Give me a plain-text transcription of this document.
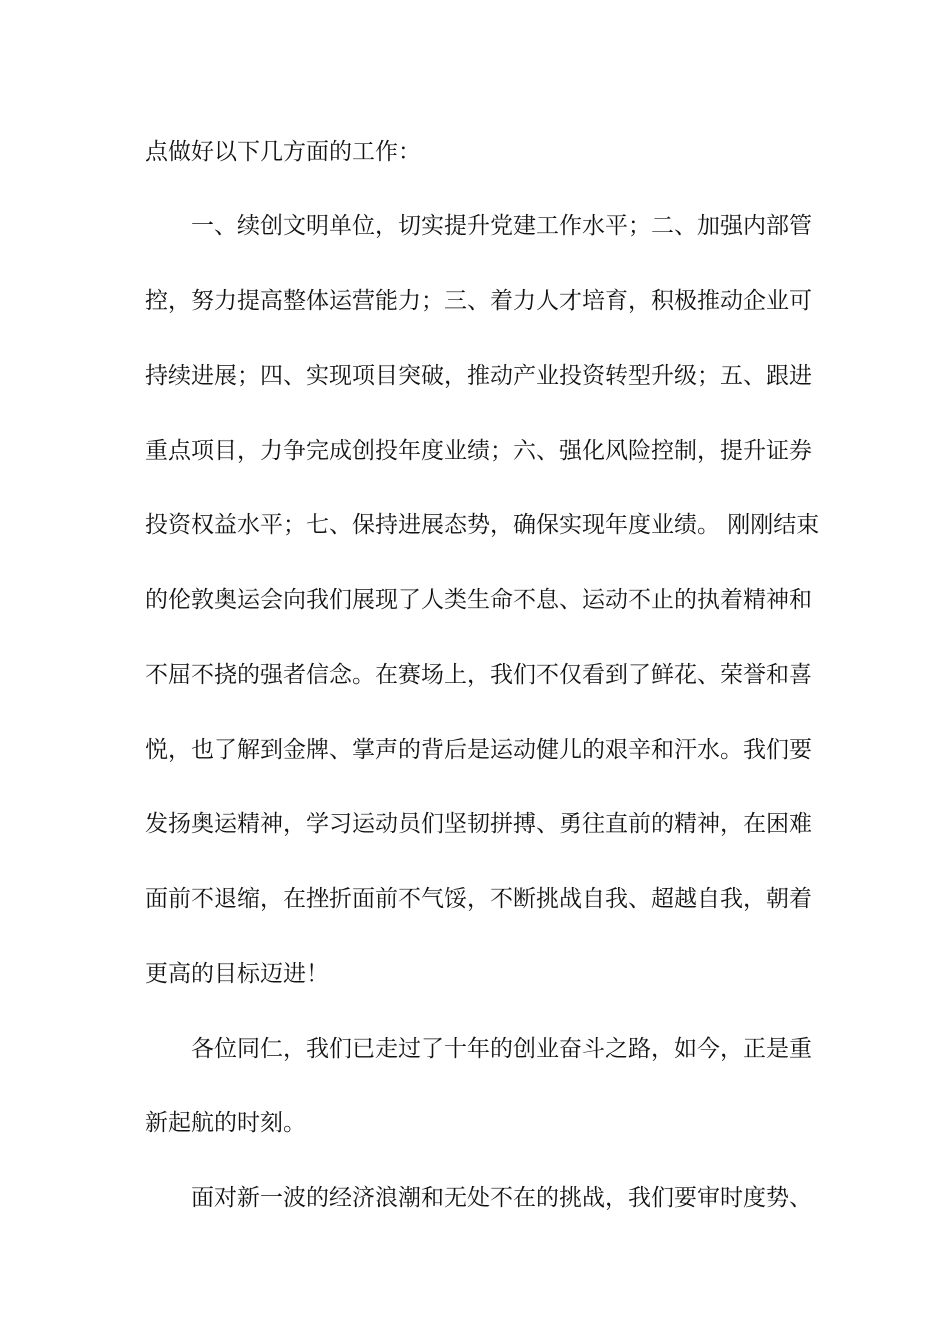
点做好以下几方面的工作：
一、续创文明单位，切实提升党建工作水平；二、加强内部管
控，努力提高整体运营能力；三、着力人才培育，积极推动企业可
持续进展；四、实现项目突破，推动产业投资转型升级；五、跟进
重点项目，力争完成创投年度业绩；六、强化风险控制，提升证券
投资权益水平；七、保持进展态势，确保实现年度业绩。 刚刚结束
的伦敦奥运会向我们展现了人类生命不息、运动不止的执着精神和
不屈不挠的强者信念。在赛场上，我们不仅看到了鲜花、荣誉和喜
悦，也了解到金牌、掌声的背后是运动健儿的艰辛和汗水。我们要
发扬奥运精神，学习运动员们坚韧拼搏、勇往直前的精神，在困难
面前不退缩，在挫折面前不气馁，不断挑战自我、超越自我，朝着
更高的目标迈进！
各位同仁，我们已走过了十年的创业奋斗之路，如今，正是重
新起航的时刻。
面对新一波的经济浪潮和无处不在的挑战，我们要审时度势、
